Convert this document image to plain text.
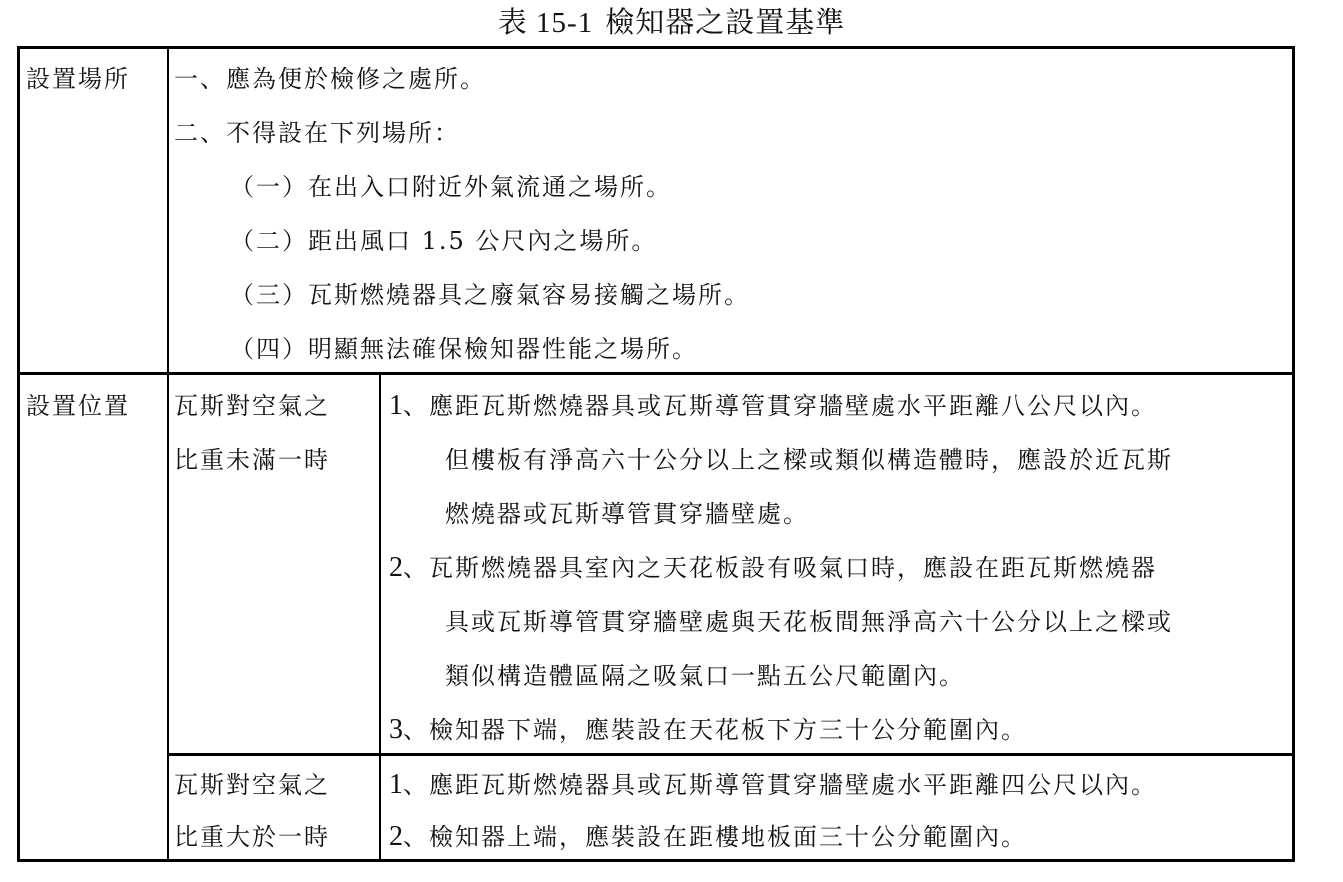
表 15-1 檢知器之設置基準
設置場所 一、應為便於檢修之處所。
二、不得設在下列場所：
（一）在出入口附近外氣流通之場所。
（二）距出風口 1.5 公尺內之場所。
（三）瓦斯燃燒器具之廢氣容易接觸之場所。
（四）明顯無法確保檢知器性能之場所。
設置位置 瓦斯對空氣之
比重未滿一時
1、應距瓦斯燃燒器具或瓦斯導管貫穿牆壁處水平距離八公尺以內。
但樓板有淨高六十公分以上之樑或類似構造體時，應設於近瓦斯
燃燒器或瓦斯導管貫穿牆壁處。
2、瓦斯燃燒器具室內之天花板設有吸氣口時，應設在距瓦斯燃燒器
具或瓦斯導管貫穿牆壁處與天花板間無淨高六十公分以上之樑或
類似構造體區隔之吸氣口一點五公尺範圍內。
3、檢知器下端，應裝設在天花板下方三十公分範圍內。
瓦斯對空氣之
比重大於一時
1、應距瓦斯燃燒器具或瓦斯導管貫穿牆壁處水平距離四公尺以內。
2、檢知器上端，應裝設在距樓地板面三十公分範圍內。
